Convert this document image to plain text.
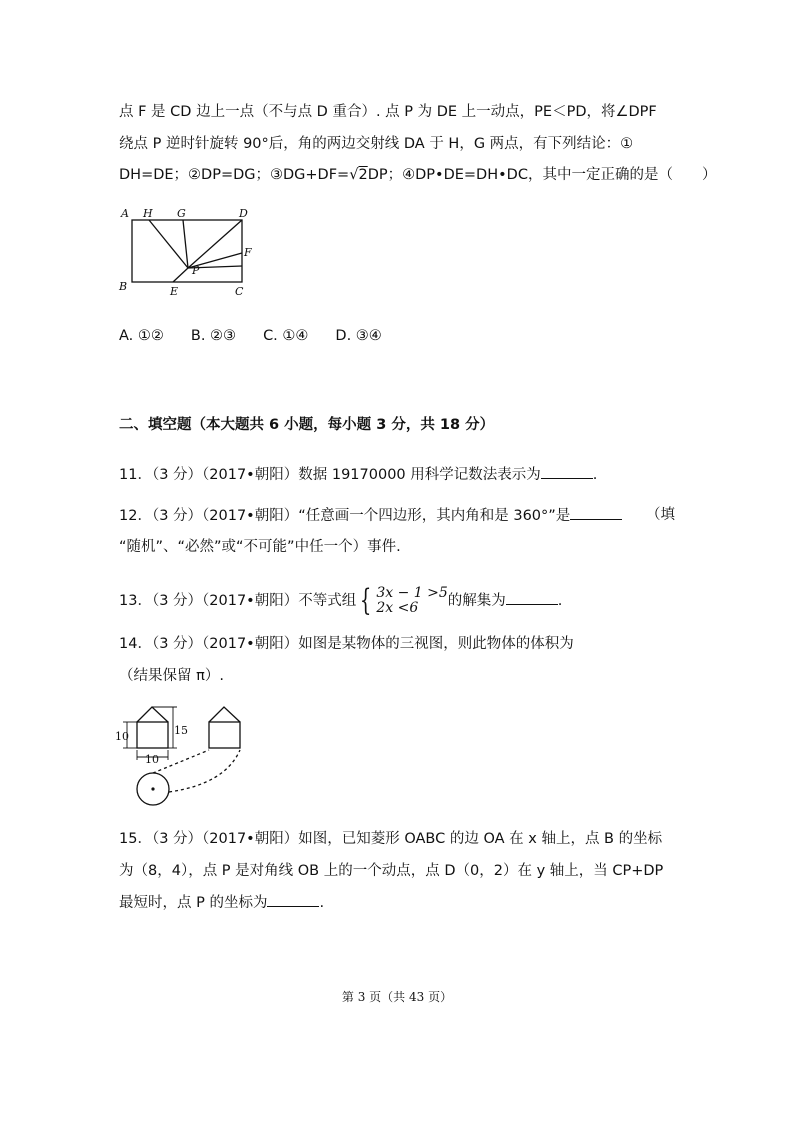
点 F 是 CD 边上一点（不与点 D 重合）. 点 P 为 DE 上一动点，PE＜PD，将∠DPF
绕点 P 逆时针旋转 90°后，角的两边交射线 DA 于 H，G 两点，有下列结论：①
DH=DE；②DP=DG；③DG+DF=√2DP；④DP•DE=DH•DC，其中一定正确的是（　　）
A H G	D
F
P
B	E	C
A. ①② B. ②③ C. ①④ D. ③④
二、填空题（本大题共 6 小题，每小题 3 分，共 18 分）
11．（3 分）（2017•朝阳）数据 19170000 用科学记数法表示为	.
12．（3 分）（2017•朝阳）“任意画一个四边形，其内角和是 360°”是	（填
“随机”、“必然”或“不可能”中任一个）事件.
13．（3 分）（2017•朝阳）不等式组 { 3x − 1 >5
2x <6	的解集为	.
14．（3 分）（2017•朝阳）如图是某物体的三视图，则此物体的体积为
（结果保留 π）.
10	15
10
15．（3 分）（2017•朝阳）如图，已知菱形 OABC 的边 OA 在 x 轴上，点 B 的坐标
为（8，4），点 P 是对角线 OB 上的一个动点，点 D（0，2）在 y 轴上，当 CP+DP
最短时，点 P 的坐标为	.
第 3 页（共 43 页）
